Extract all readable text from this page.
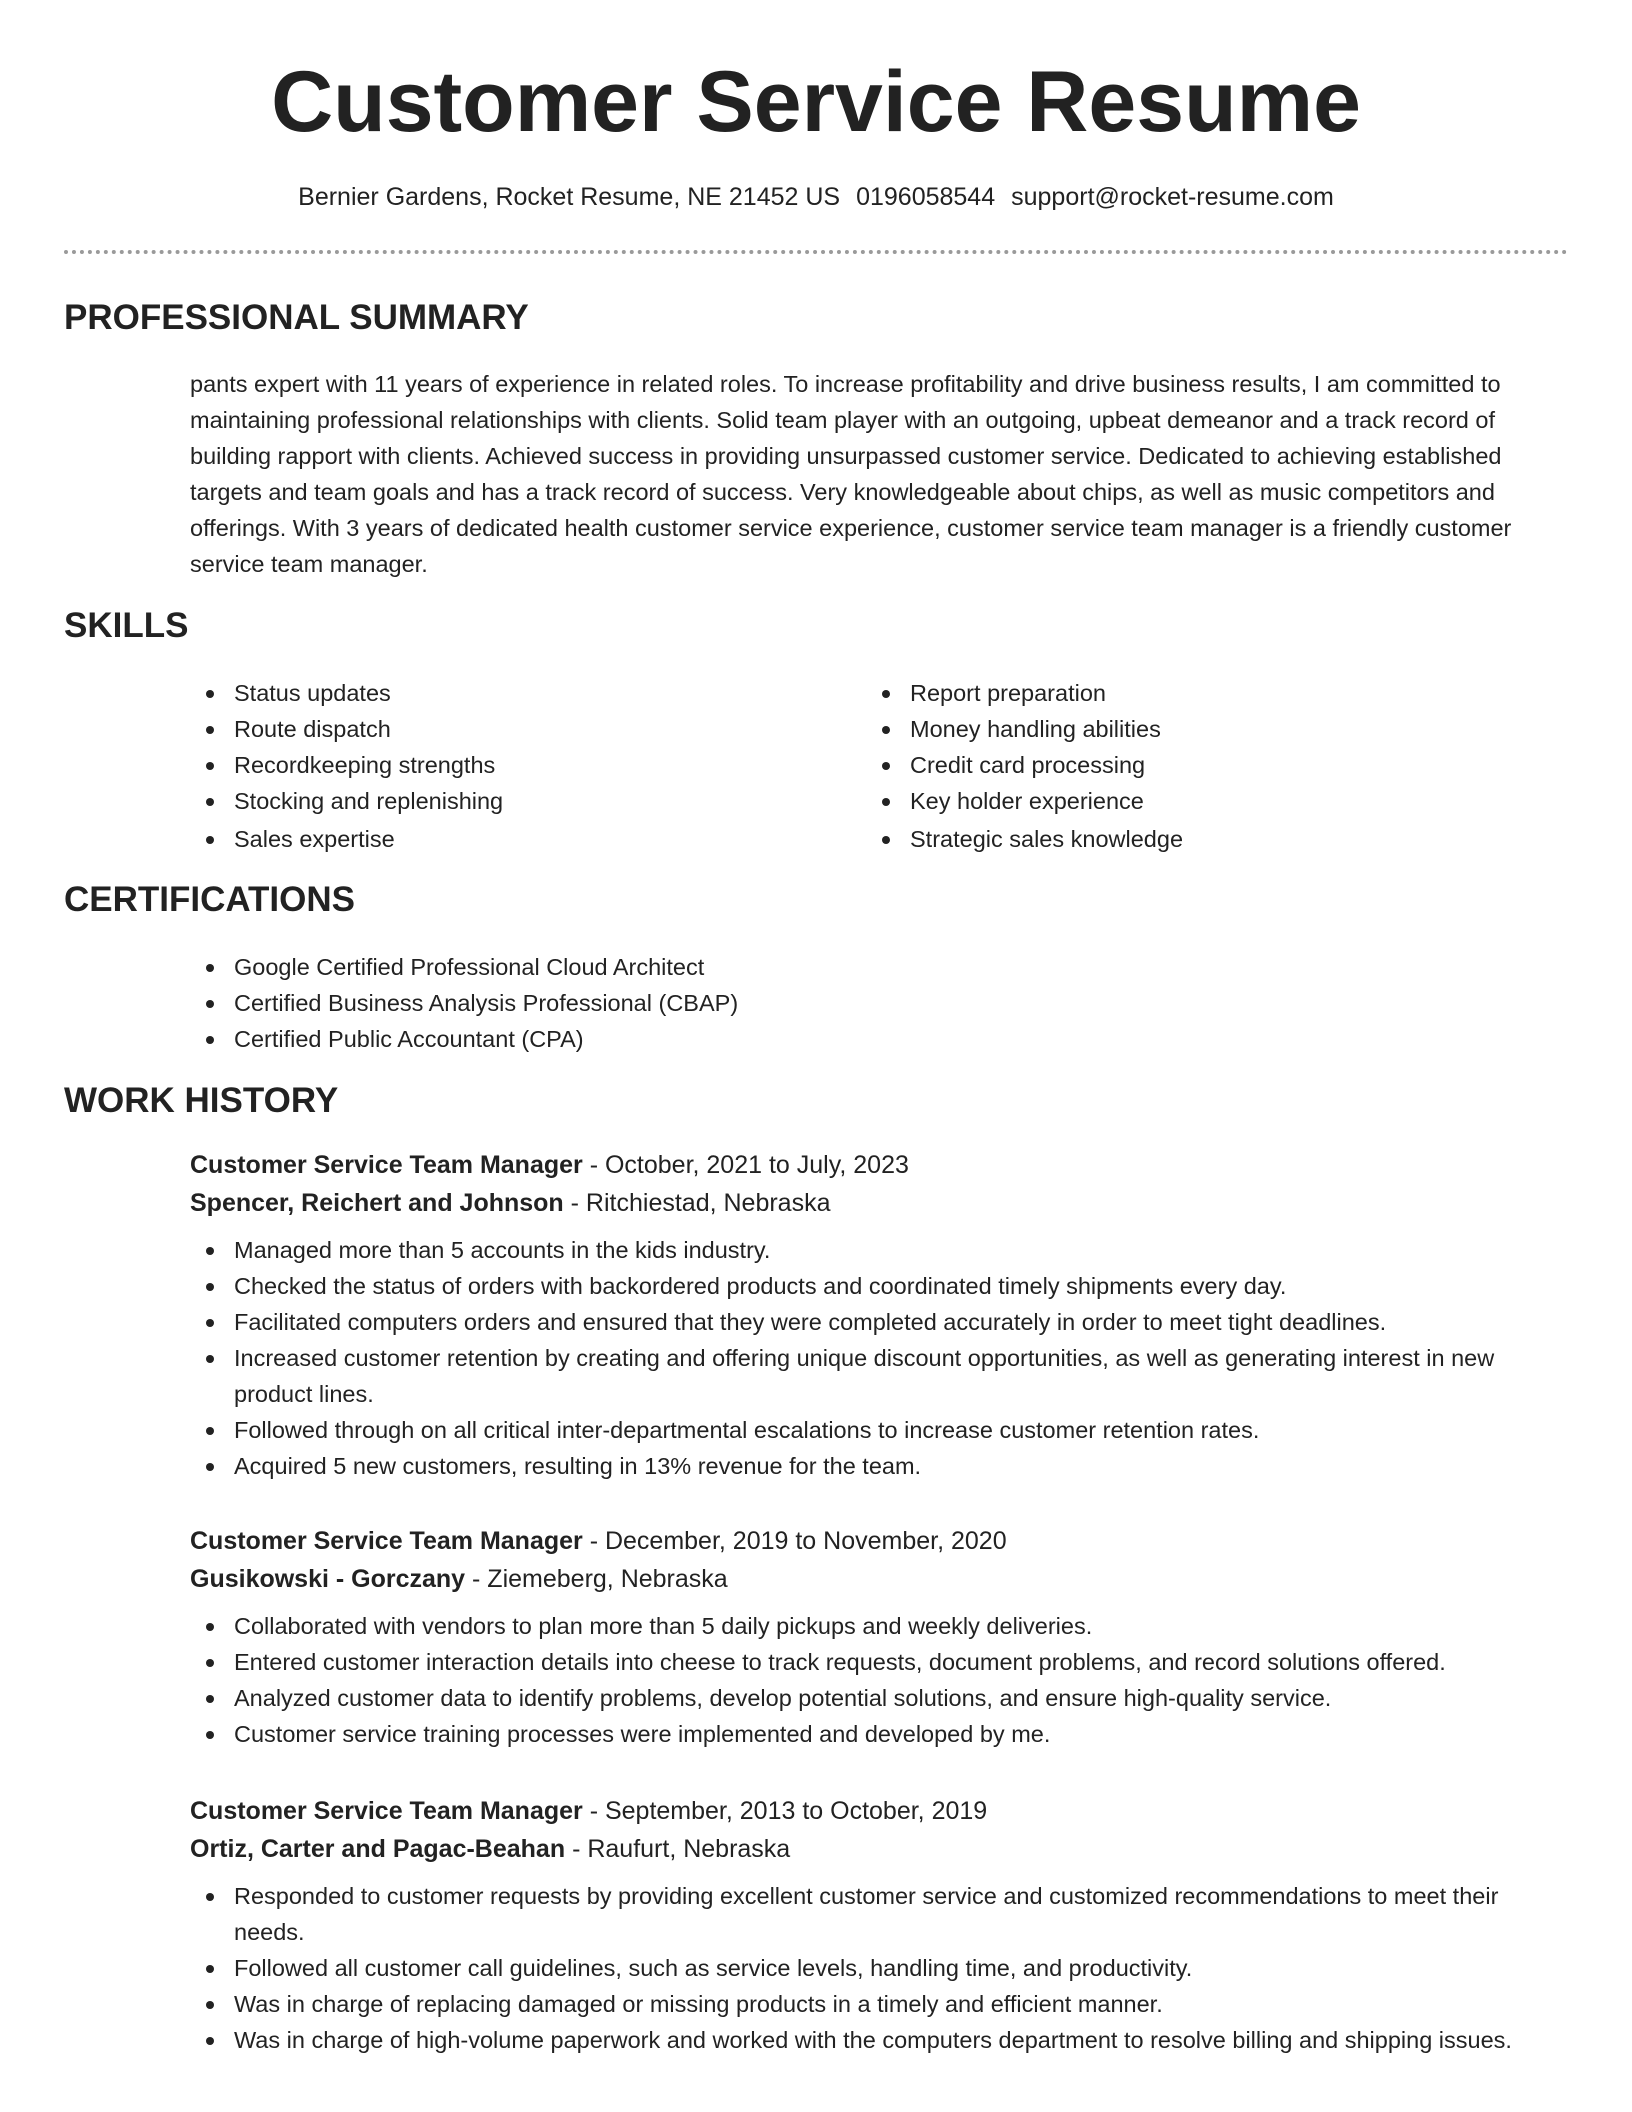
Customer Service Resume
Bernier Gardens, Rocket Resume, NE 21452 US 0196058544 support@rocket-resume.com
PROFESSIONAL SUMMARY

pants expert with 11 years of experience in related roles. To increase profitability and drive business results, I am committed to maintaining professional relationships with clients. Solid team player with an outgoing, upbeat demeanor and a track record of building rapport with clients. Achieved success in providing unsurpassed customer service. Dedicated to achieving established targets and team goals and has a track record of success. Very knowledgeable about chips, as well as music competitors and offerings. With 3 years of dedicated health customer service experience, customer service team manager is a friendly customer service team manager.

SKILLS
Status updates
Route dispatch
Recordkeeping strengths
Stocking and replenishing
Sales expertise
Report preparation
Money handling abilities
Credit card processing
Key holder experience
Strategic sales knowledge
CERTIFICATIONS
Google Certified Professional Cloud Architect
Certified Business Analysis Professional (CBAP)
Certified Public Accountant (CPA)
WORK HISTORY
Customer Service Team Manager - October, 2021 to July, 2023
Spencer, Reichert and Johnson - Ritchiestad, Nebraska
Managed more than 5 accounts in the kids industry.
Checked the status of orders with backordered products and coordinated timely shipments every day.
Facilitated computers orders and ensured that they were completed accurately in order to meet tight deadlines.
Increased customer retention by creating and offering unique discount opportunities, as well as generating interest in new product lines.
Followed through on all critical inter-departmental escalations to increase customer retention rates.
Acquired 5 new customers, resulting in 13% revenue for the team.
Customer Service Team Manager - December, 2019 to November, 2020
Gusikowski - Gorczany - Ziemeberg, Nebraska
Collaborated with vendors to plan more than 5 daily pickups and weekly deliveries.
Entered customer interaction details into cheese to track requests, document problems, and record solutions offered.
Analyzed customer data to identify problems, develop potential solutions, and ensure high-quality service.
Customer service training processes were implemented and developed by me.
Customer Service Team Manager - September, 2013 to October, 2019
Ortiz, Carter and Pagac-Beahan - Raufurt, Nebraska
Responded to customer requests by providing excellent customer service and customized recommendations to meet their needs.
Followed all customer call guidelines, such as service levels, handling time, and productivity.
Was in charge of replacing damaged or missing products in a timely and efficient manner.
Was in charge of high-volume paperwork and worked with the computers department to resolve billing and shipping issues.
